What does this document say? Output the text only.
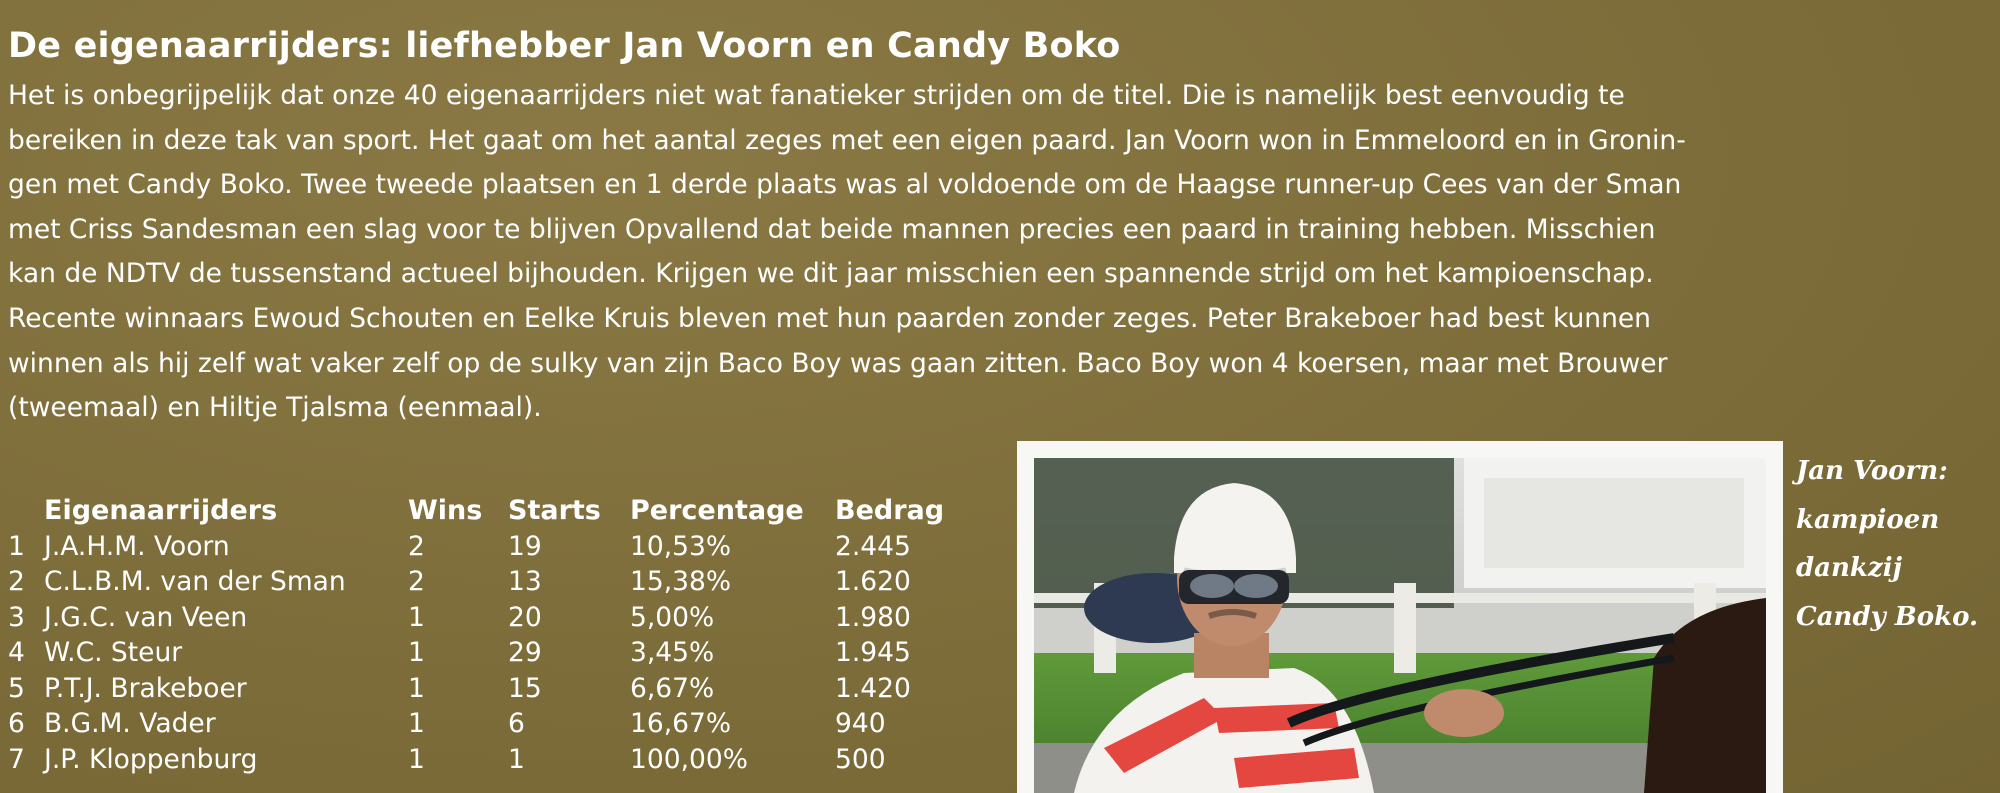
De eigenaarrijders: liefhebber Jan Voorn en Candy Boko
Het is onbegrijpelijk dat onze 40 eigenaarrijders niet wat fanatieker strijden om de titel. Die is namelijk best eenvoudig te
bereiken in deze tak van sport. Het gaat om het aantal zeges met een eigen paard. Jan Voorn won in Emmeloord en in Gronin-
gen met Candy Boko. Twee tweede plaatsen en 1 derde plaats was al voldoende om de Haagse runner-up Cees van der Sman
met Criss Sandesman een slag voor te blijven Opvallend dat beide mannen precies een paard in training hebben. Misschien
kan de NDTV de tussenstand actueel bijhouden. Krijgen we dit jaar misschien een spannende strijd om het kampioenschap.
Recente winnaars Ewoud Schouten en Eelke Kruis bleven met hun paarden zonder zeges. Peter Brakeboer had best kunnen
winnen als hij zelf wat vaker zelf op de sulky van zijn Baco Boy was gaan zitten. Baco Boy won 4 koersen, maar met Brouwer
(tweemaal) en Hiltje Tjalsma (eenmaal).
	Eigenaarrijders	Wins	Starts	Percentage	Bedrag
1	J.A.H.M. Voorn	2	19	10,53%	2.445
2	C.L.B.M. van der Sman	2	13	15,38%	1.620
3	J.G.C. van Veen	1	20	5,00%	1.980
4	W.C. Steur	1	29	3,45%	1.945
5	P.T.J. Brakeboer	1	15	6,67%	1.420
6	B.G.M. Vader	1	6	16,67%	940
7	J.P. Kloppenburg	1	1	100,00%	500
Jan Voorn:
kampioen
dankzij
Candy Boko.
